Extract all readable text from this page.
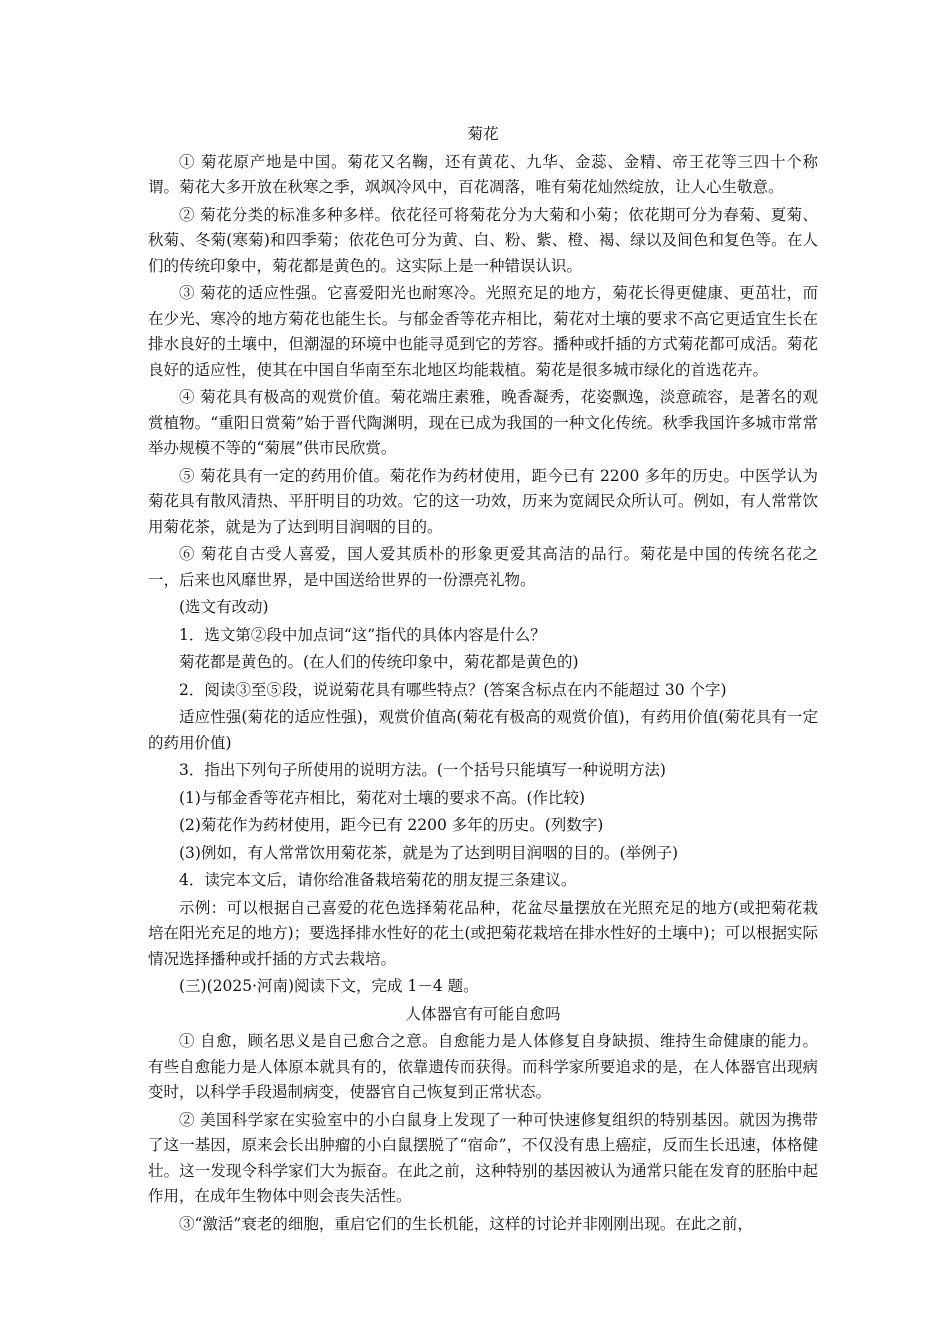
菊花
① 菊花原产地是中国。菊花又名鞠，还有黄花、九华、金蕊、金精、帝王花等三四十个称谓。菊花大多开放在秋寒之季，飒飒冷风中，百花凋落，唯有菊花灿然绽放，让人心生敬意。
② 菊花分类的标准多种多样。依花径可将菊花分为大菊和小菊；依花期可分为春菊、夏菊、秋菊、冬菊(寒菊)和四季菊；依花色可分为黄、白、粉、紫、橙、褐、绿以及间色和复色等。在人们的传统印象中，菊花都是黄色的。这实际上是一种错误认识。
③ 菊花的适应性强。它喜爱阳光也耐寒冷。光照充足的地方，菊花长得更健康、更茁壮，而在少光、寒冷的地方菊花也能生长。与郁金香等花卉相比，菊花对土壤的要求不高它更适宜生长在排水良好的土壤中，但潮湿的环境中也能寻觅到它的芳容。播种或扦插的方式菊花都可成活。菊花良好的适应性，使其在中国自华南至东北地区均能栽植。菊花是很多城市绿化的首选花卉。
④ 菊花具有极高的观赏价值。菊花端庄素雅，晚香凝秀，花姿飘逸，淡意疏容，是著名的观赏植物。“重阳日赏菊”始于晋代陶渊明，现在已成为我国的一种文化传统。秋季我国许多城市常常举办规模不等的“菊展”供市民欣赏。
⑤ 菊花具有一定的药用价值。菊花作为药材使用，距今已有 2200 多年的历史。中医学认为菊花具有散风清热、平肝明目的功效。它的这一功效，历来为宽阔民众所认可。例如，有人常常饮用菊花茶，就是为了达到明目润咽的目的。
⑥ 菊花自古受人喜爱，国人爱其质朴的形象更爱其高洁的品行。菊花是中国的传统名花之一，后来也风靡世界，是中国送给世界的一份漂亮礼物。
(选文有改动)
1．选文第②段中加点词“这”指代的具体内容是什么？
菊花都是黄色的。(在人们的传统印象中，菊花都是黄色的)
2．阅读③至⑤段，说说菊花具有哪些特点？(答案含标点在内不能超过 30 个字)
适应性强(菊花的适应性强)，观赏价值高(菊花有极高的观赏价值)，有药用价值(菊花具有一定的药用价值)
3．指出下列句子所使用的说明方法。(一个括号只能填写一种说明方法)
(1)与郁金香等花卉相比，菊花对土壤的要求不高。(作比较)
(2)菊花作为药材使用，距今已有 2200 多年的历史。(列数字)
(3)例如，有人常常饮用菊花茶，就是为了达到明目润咽的目的。(举例子)
4．读完本文后，请你给准备栽培菊花的朋友提三条建议。
示例：可以根据自己喜爱的花色选择菊花品种，花盆尽量摆放在光照充足的地方(或把菊花栽培在阳光充足的地方)；要选择排水性好的花土(或把菊花栽培在排水性好的土壤中)；可以根据实际情况选择播种或扦插的方式去栽培。
(三)(2025·河南)阅读下文，完成 1－4 题。
人体器官有可能自愈吗
① 自愈，顾名思义是自己愈合之意。自愈能力是人体修复自身缺损、维持生命健康的能力。有些自愈能力是人体原本就具有的，依靠遗传而获得。而科学家所要追求的是，在人体器官出现病变时，以科学手段遏制病变，使器官自己恢复到正常状态。
② 美国科学家在实验室中的小白鼠身上发现了一种可快速修复组织的特别基因。就因为携带了这一基因，原来会长出肿瘤的小白鼠摆脱了“宿命”，不仅没有患上癌症，反而生长迅速，体格健壮。这一发现令科学家们大为振奋。在此之前，这种特别的基因被认为通常只能在发育的胚胎中起作用，在成年生物体中则会丧失活性。
③“激活”衰老的细胞，重启它们的生长机能，这样的讨论并非刚刚出现。在此之前，
